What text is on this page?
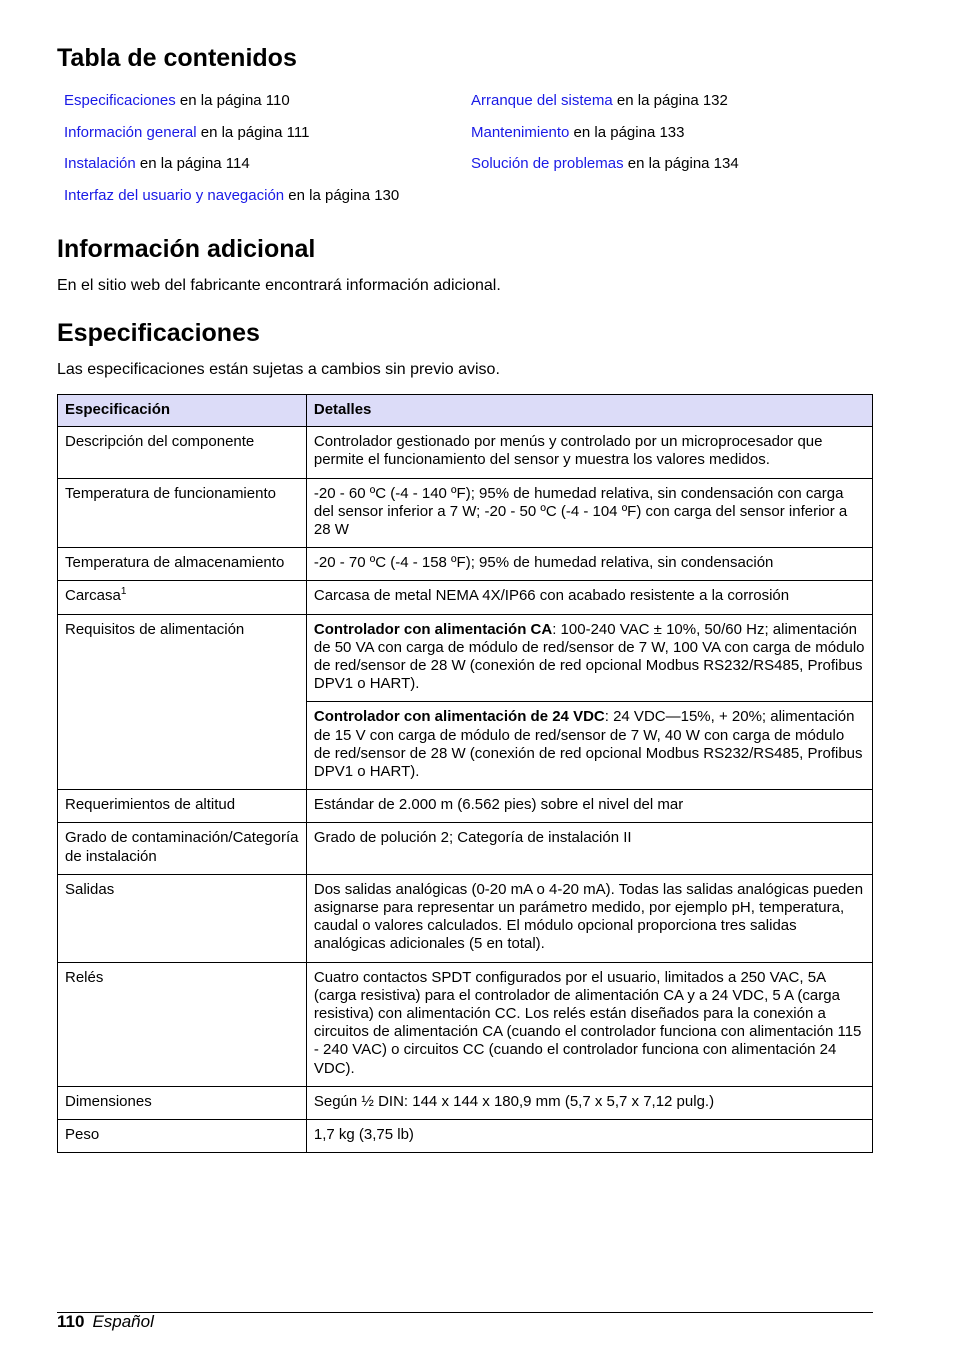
Tabla de contenidos
Especificaciones en la página 110
Información general en la página 111
Instalación en la página 114
Interfaz del usuario y navegación en la página 130
Arranque del sistema en la página 132
Mantenimiento en la página 133
Solución de problemas en la página 134
Información adicional

En el sitio web del fabricante encontrará información adicional.

Especificaciones

Las especificaciones están sujetas a cambios sin previo aviso.

Especificación	Detalles
Descripción del componente	Controlador gestionado por menús y controlado por un microprocesador que permite el funcionamiento del sensor y muestra los valores medidos.
Temperatura de funcionamiento	-20 - 60 ºC (-4 - 140 ºF); 95% de humedad relativa, sin condensación con carga del sensor inferior a 7 W; -20 - 50 ºC (-4 - 104 ºF) con carga del sensor inferior a 28 W
Temperatura de almacenamiento	-20 - 70 ºC (-4 - 158 ºF); 95% de humedad relativa, sin condensación
Carcasa$^1$	Carcasa de metal NEMA 4X/IP66 con acabado resistente a la corrosión
Requisitos de alimentación	Controlador con alimentación CA: 100-240 VAC ± 10%, 50/60 Hz; alimentación de 50 VA con carga de módulo de red/sensor de 7 W, 100 VA con carga de módulo de red/sensor de 28 W (conexión de red opcional Modbus RS232/RS485, Profibus DPV1 o HART).
	Controlador con alimentación de 24 VDC: 24 VDC—15%, + 20%; alimentación de 15 V con carga de módulo de red/sensor de 7 W, 40 W con carga de módulo de red/sensor de 28 W (conexión de red opcional Modbus RS232/RS485, Profibus DPV1 o HART).
Requerimientos de altitud	Estándar de 2.000 m (6.562 pies) sobre el nivel del mar
Grado de contaminación/Categoría de instalación	Grado de polución 2; Categoría de instalación II
Salidas	Dos salidas analógicas (0-20 mA o 4-20 mA). Todas las salidas analógicas pueden asignarse para representar un parámetro medido, por ejemplo pH, temperatura, caudal o valores calculados. El módulo opcional proporciona tres salidas analógicas adicionales (5 en total).
Relés	Cuatro contactos SPDT configurados por el usuario, limitados a 250 VAC, 5A (carga resistiva) para el controlador de alimentación CA y a 24 VDC, 5 A (carga resistiva) con alimentación CC. Los relés están diseñados para la conexión a circuitos de alimentación CA (cuando el controlador funciona con alimentación 115 - 240 VAC) o circuitos CC (cuando el controlador funciona con alimentación 24 VDC).
Dimensiones	Según ½ DIN: 144 x 144 x 180,9 mm (5,7 x 5,7 x 7,12 pulg.)
Peso	1,7 kg (3,75 lb)
110 Español
